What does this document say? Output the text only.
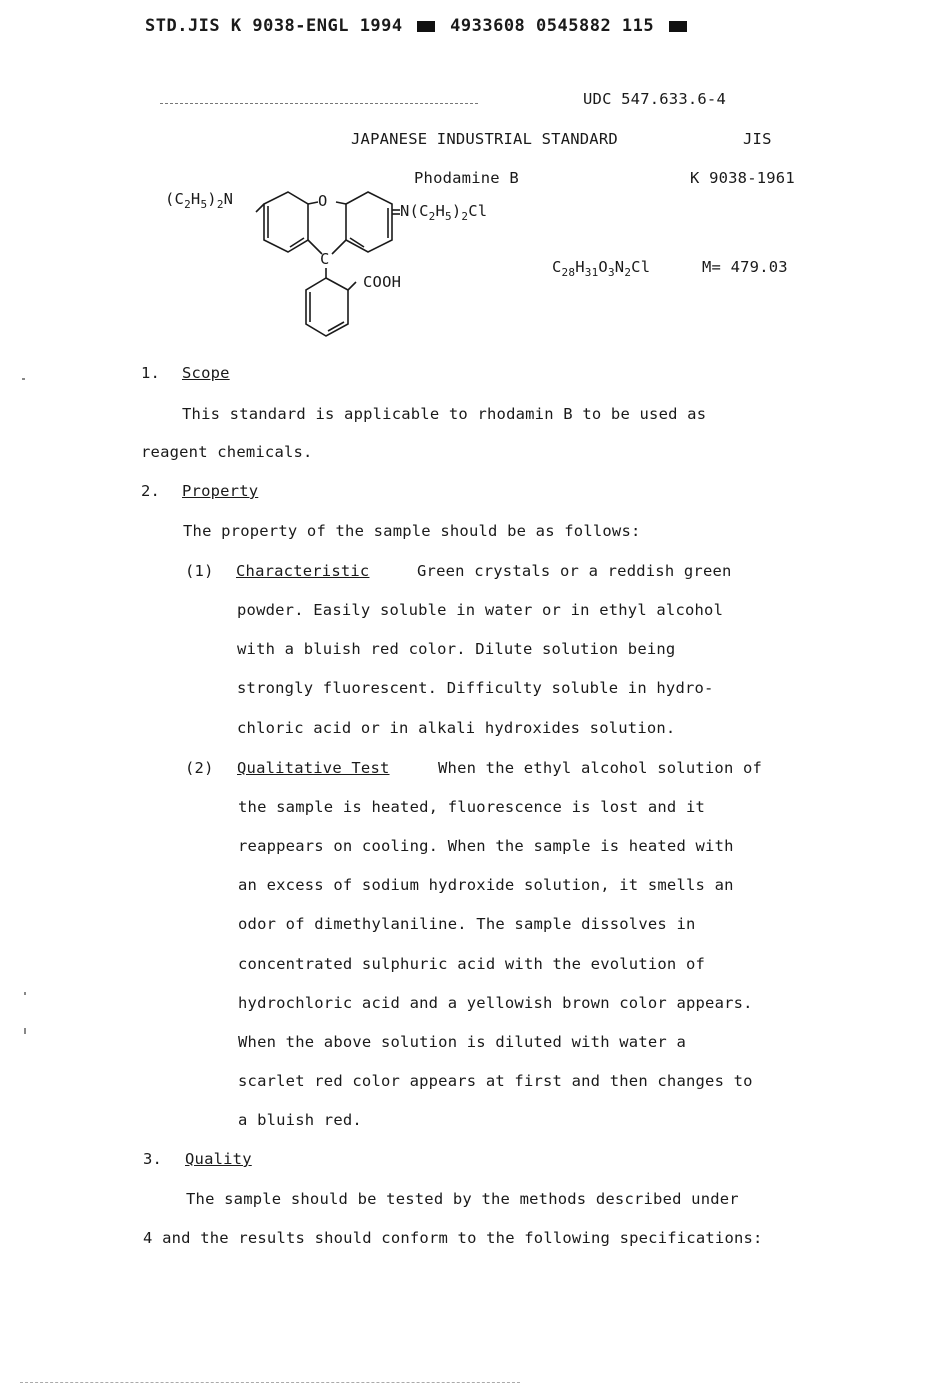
STD.JIS K 9038-ENGL 1994	4933608 0545882 115
UDC 547.633.6-4
JAPANESE INDUSTRIAL STANDARD	JIS
Phodamine B	K 9038-1961
$(C_2H_5)_2N$	O
$N(C_2H_5)_2Cl$
C
COOH
$C_{28}H_{31}O_3N_2Cl$	M= 479.03
1. Scope
This standard is applicable to rhodamin B to be used as
reagent chemicals.
2. Property
The property of the sample should be as follows:
(1) Characteristic	Green crystals or a reddish green
powder. Easily soluble in water or in ethyl alcohol
with a bluish red color. Dilute solution being
strongly fluorescent. Difficulty soluble in hydro-
chloric acid or in alkali hydroxides solution.
(2) Qualitative Test	When the ethyl alcohol solution of
the sample is heated, fluorescence is lost and it
reappears on cooling. When the sample is heated with
an excess of sodium hydroxide solution, it smells an
odor of dimethylaniline. The sample dissolves in
concentrated sulphuric acid with the evolution of
hydrochloric acid and a yellowish brown color appears.
When the above solution is diluted with water a
scarlet red color appears at first and then changes to
a bluish red.
3. Quality
The sample should be tested by the methods described under
4 and the results should conform to the following specifications:
